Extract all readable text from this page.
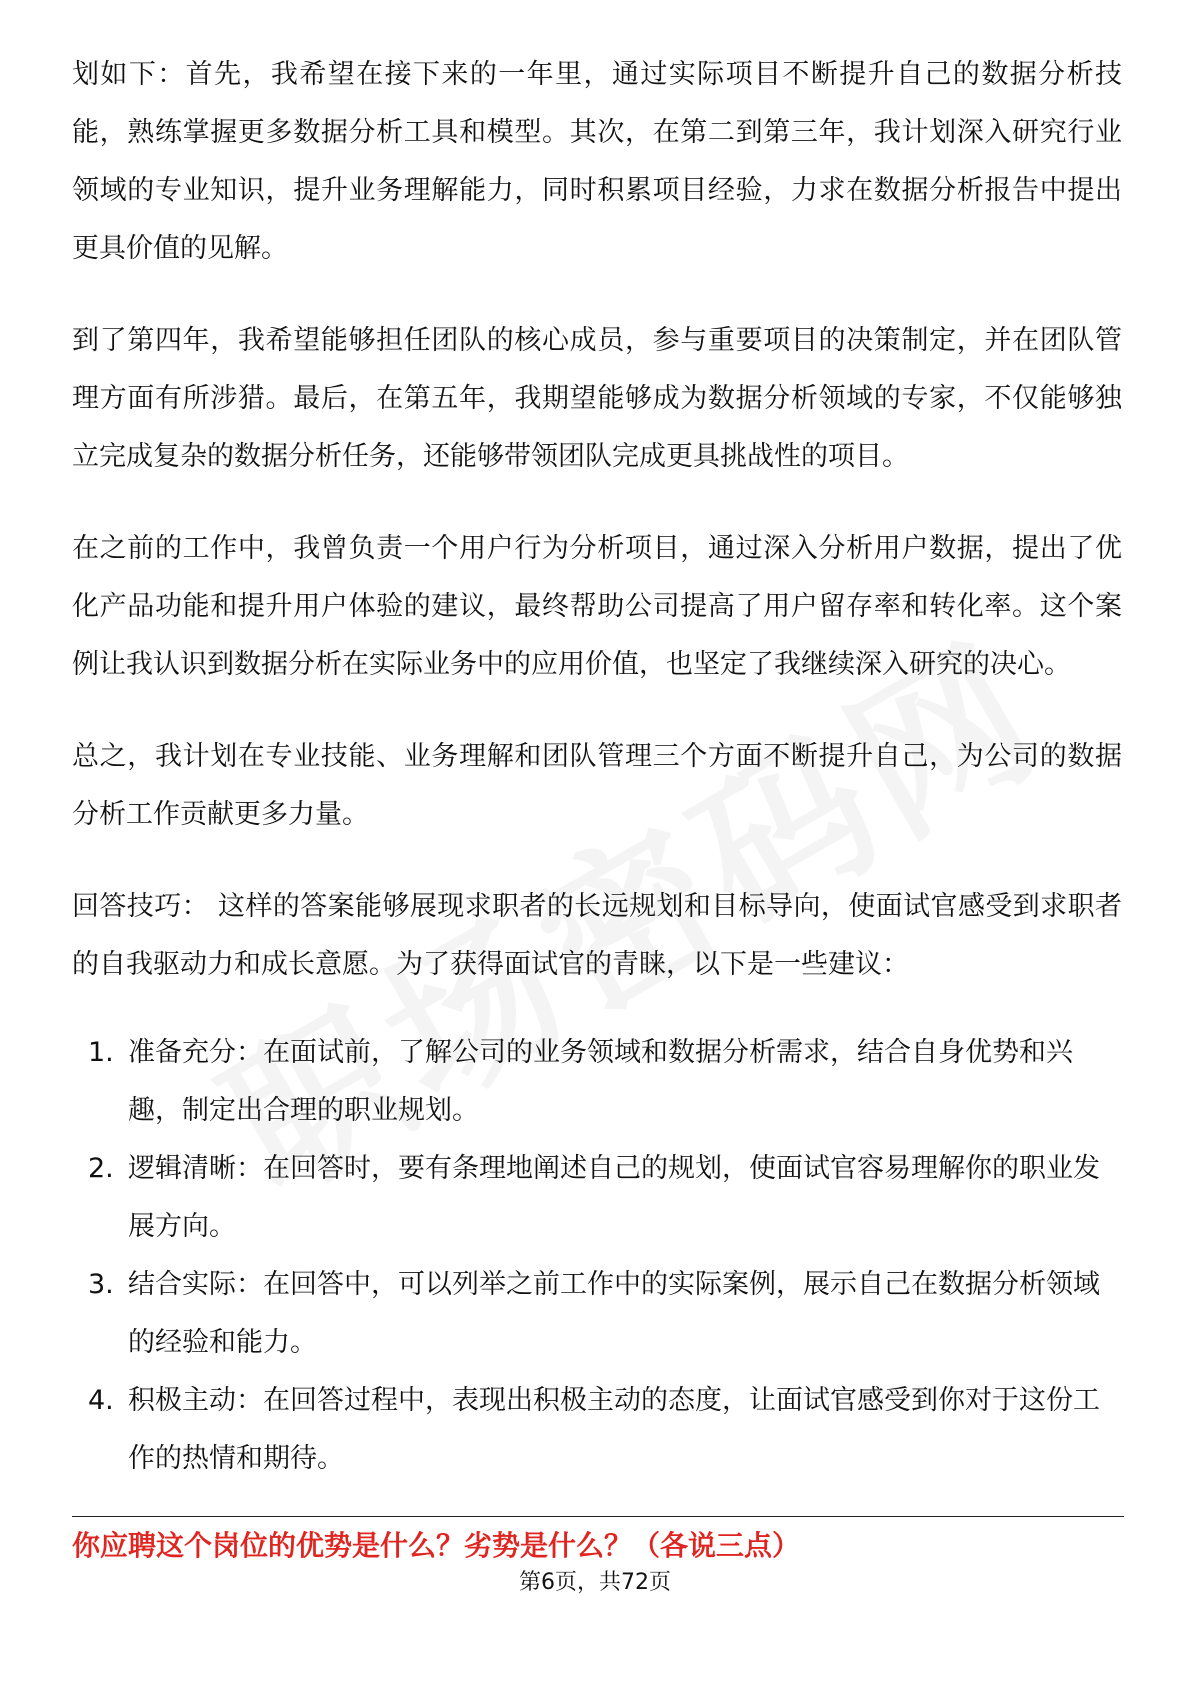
划如下：首先，我希望在接下来的一年里，通过实际项目不断提升自己的数据分析技能，熟练掌握更多数据分析工具和模型。其次，在第二到第三年，我计划深入研究行业领域的专业知识，提升业务理解能力，同时积累项目经验，力求在数据分析报告中提出更具价值的见解。

到了第四年，我希望能够担任团队的核心成员，参与重要项目的决策制定，并在团队管理方面有所涉猎。最后，在第五年，我期望能够成为数据分析领域的专家，不仅能够独立完成复杂的数据分析任务，还能够带领团队完成更具挑战性的项目。

在之前的工作中，我曾负责一个用户行为分析项目，通过深入分析用户数据，提出了优化产品功能和提升用户体验的建议，最终帮助公司提高了用户留存率和转化率。这个案例让我认识到数据分析在实际业务中的应用价值，也坚定了我继续深入研究的决心。

总之，我计划在专业技能、业务理解和团队管理三个方面不断提升自己，为公司的数据分析工作贡献更多力量。

回答技巧： 这样的答案能够展现求职者的长远规划和目标导向，使面试官感受到求职者的自我驱动力和成长意愿。为了获得面试官的青睐，以下是一些建议：

1. 准备充分：在面试前，了解公司的业务领域和数据分析需求，结合自身优势和兴趣，制定出合理的职业规划。
2. 逻辑清晰：在回答时，要有条理地阐述自己的规划，使面试官容易理解你的职业发展方向。
3. 结合实际：在回答中，可以列举之前工作中的实际案例，展示自己在数据分析领域的经验和能力。
4. 积极主动：在回答过程中，表现出积极主动的态度，让面试官感受到你对于这份工作的热情和期待。
你应聘这个岗位的优势是什么？劣势是什么？（各说三点）
第6页，共72页
